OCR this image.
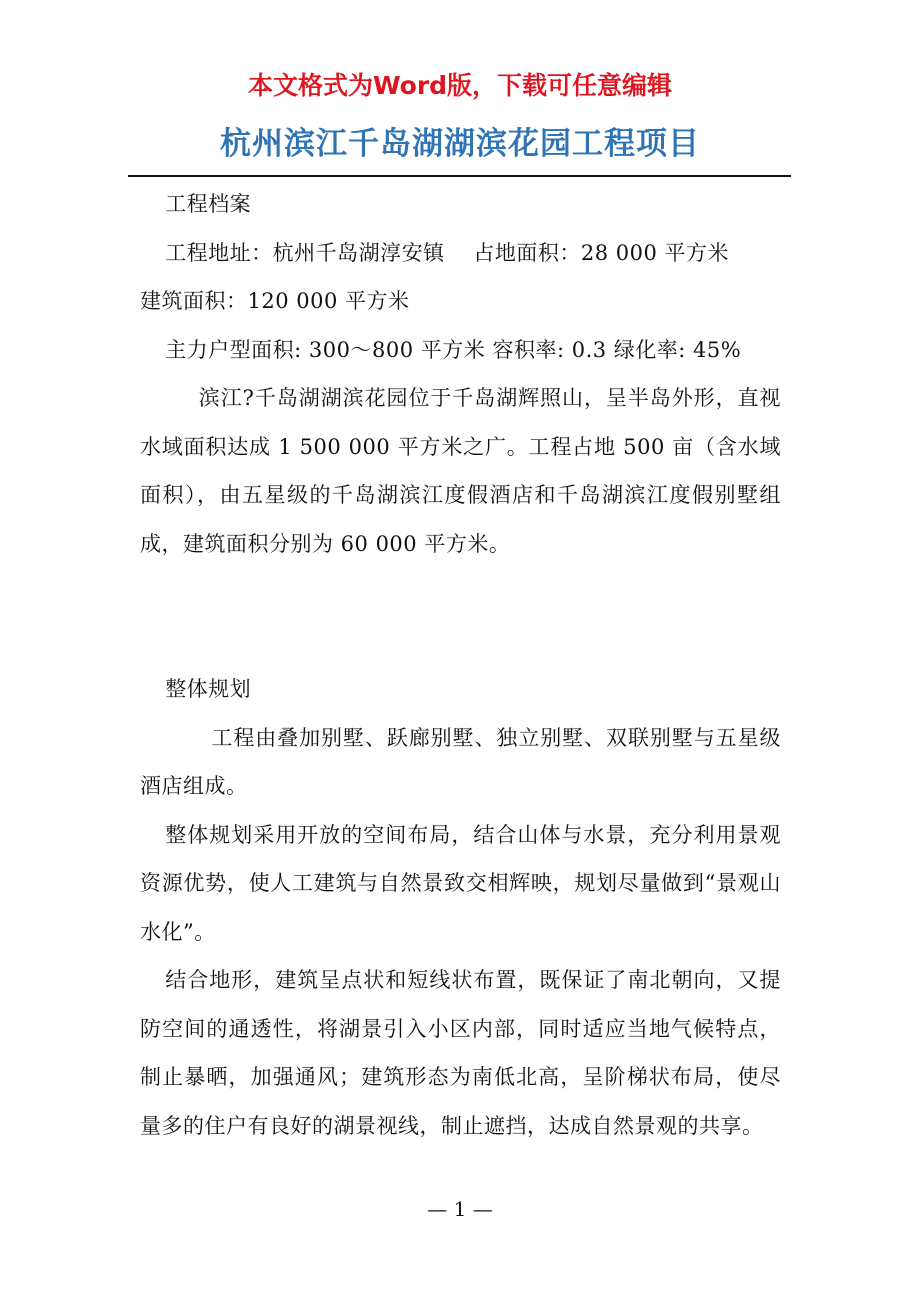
本文格式为Word版，下载可任意编辑
杭州滨江千岛湖湖滨花园工程项目

工程档案

工程地址：杭州千岛湖淳安镇　 占地面积：28 000 平方米

建筑面积：120 000 平方米

主力户型面积: 300～800 平方米 容积率: 0.3 绿化率: 45%

滨江?千岛湖湖滨花园位于千岛湖辉照山，呈半岛外形，直视水域面积达成 1 500 000 平方米之广。工程占地 500 亩（含水域面积），由五星级的千岛湖滨江度假酒店和千岛湖滨江度假别墅组成，建筑面积分别为 60 000 平方米。

整体规划

工程由叠加别墅、跃廊别墅、独立别墅、双联别墅与五星级酒店组成。

整体规划采用开放的空间布局，结合山体与水景，充分利用景观资源优势，使人工建筑与自然景致交相辉映，规划尽量做到“景观山水化”。

结合地形，建筑呈点状和短线状布置，既保证了南北朝向，又提防空间的通透性，将湖景引入小区内部，同时适应当地气候特点，制止暴晒，加强通风；建筑形态为南低北高，呈阶梯状布局，使尽量多的住户有良好的湖景视线，制止遮挡，达成自然景观的共享。

— 1 —
